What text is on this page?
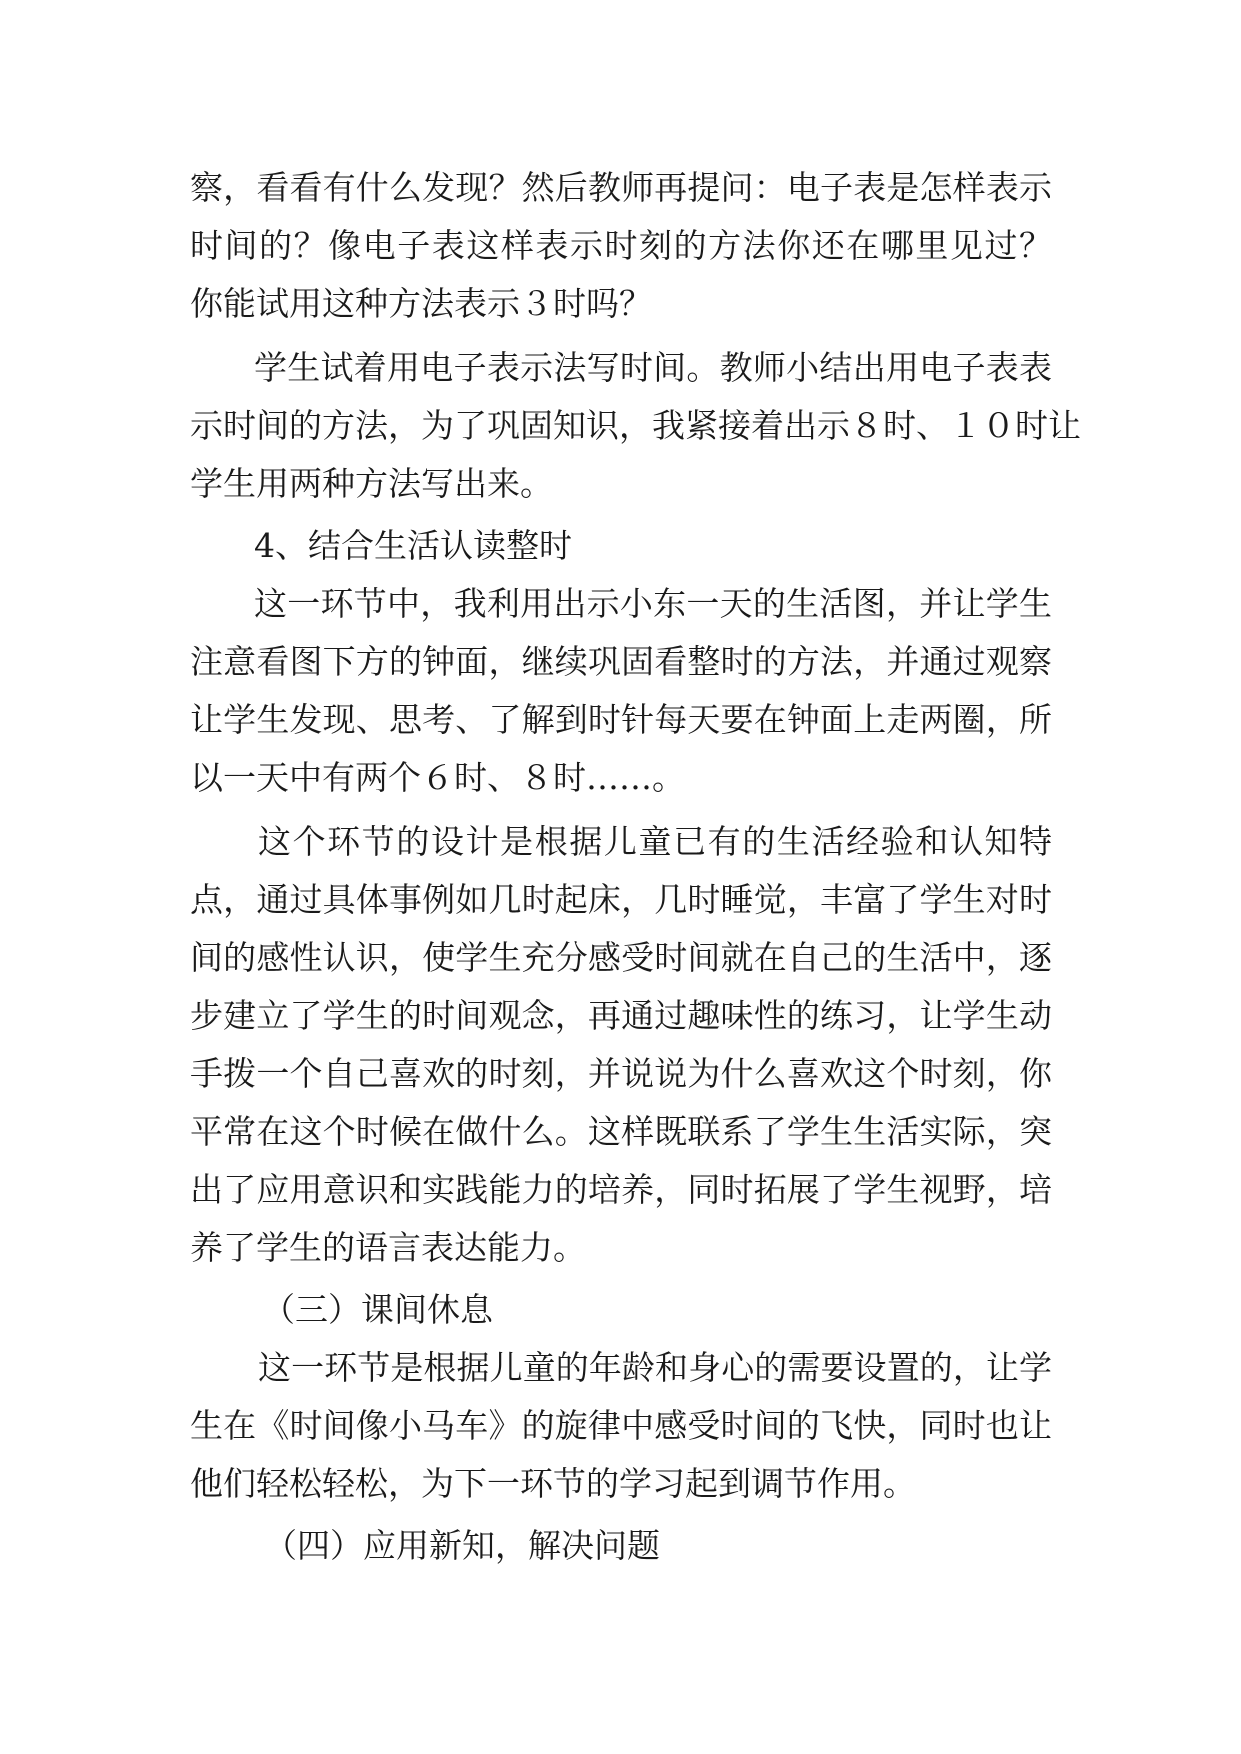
察，看看有什么发现？然后教师再提问：电子表是怎样表示
时间的？像电子表这样表示时刻的方法你还在哪里见过？
你能试用这种方法表示３时吗？
学生试着用电子表示法写时间。教师小结出用电子表表
示时间的方法，为了巩固知识，我紧接着出示８时、１０时让
学生用两种方法写出来。
4、结合生活认读整时
这一环节中，我利用出示小东一天的生活图，并让学生
注意看图下方的钟面，继续巩固看整时的方法，并通过观察
让学生发现、思考、了解到时针每天要在钟面上走两圈，所
以一天中有两个６时、８时……。
这个环节的设计是根据儿童已有的生活经验和认知特
点，通过具体事例如几时起床，几时睡觉，丰富了学生对时
间的感性认识，使学生充分感受时间就在自己的生活中，逐
步建立了学生的时间观念，再通过趣味性的练习，让学生动
手拨一个自己喜欢的时刻，并说说为什么喜欢这个时刻，你
平常在这个时候在做什么。这样既联系了学生生活实际，突
出了应用意识和实践能力的培养，同时拓展了学生视野，培
养了学生的语言表达能力。
（三）课间休息
这一环节是根据儿童的年龄和身心的需要设置的，让学
生在《时间像小马车》的旋律中感受时间的飞快，同时也让
他们轻松轻松，为下一环节的学习起到调节作用。
（四）应用新知，解决问题
